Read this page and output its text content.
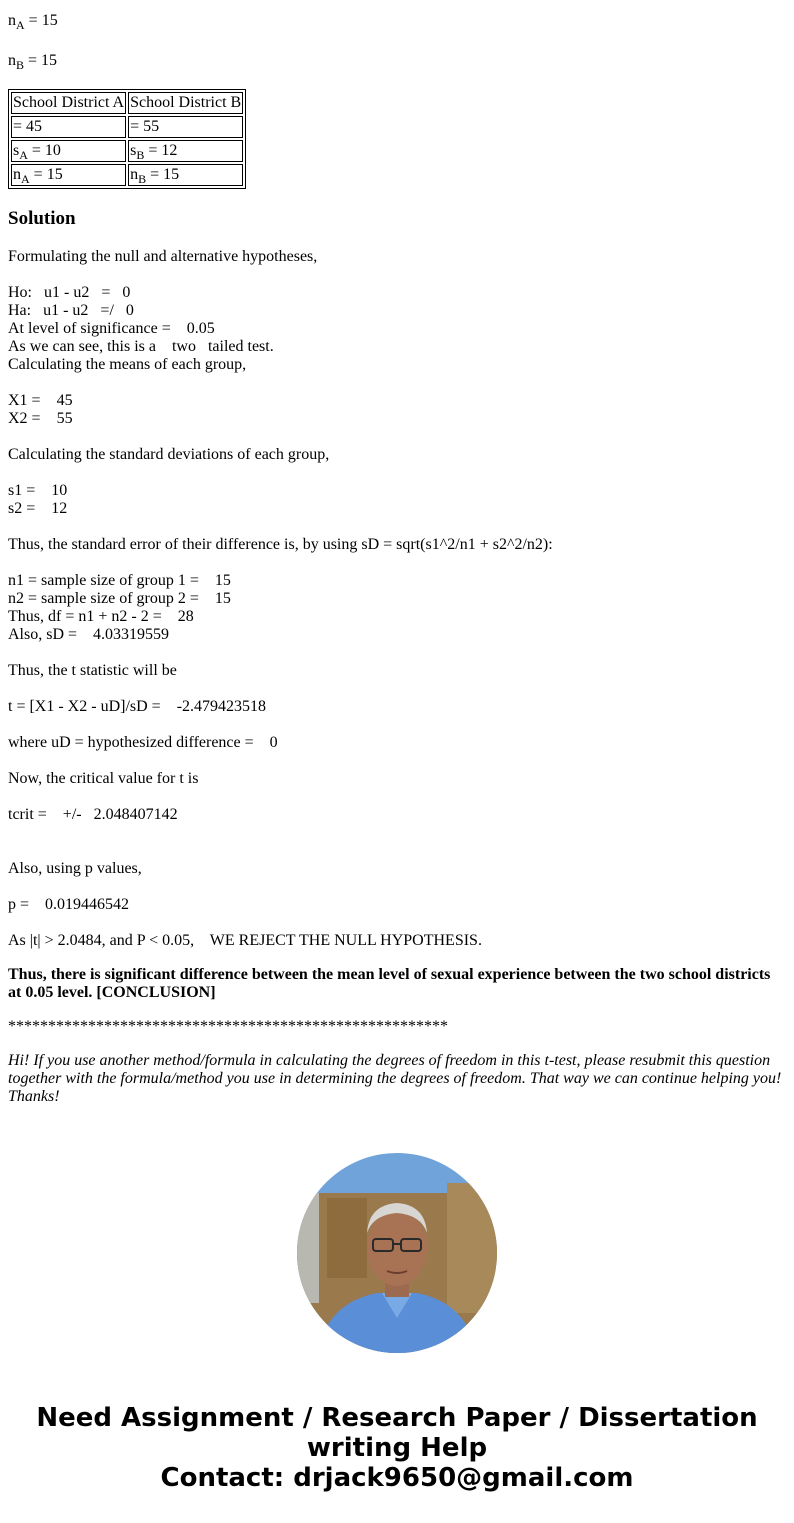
$n_A = 15$

$n_B = 15$

School District A	School District B
= 45	= 55
$s_A = 10$	$s_B = 12$
$n_A = 15$	$n_B = 15$
Solution
Formulating the null and alternative hypotheses,
Ho:   u1 - u2   =   0
Ha:   u1 - u2   =/   0
At level of significance =    0.05
As we can see, this is a    two   tailed test.
Calculating the means of each group,
X1 =    45
X2 =    55
Calculating the standard deviations of each group,
s1 =    10
s2 =    12
Thus, the standard error of their difference is, by using sD = sqrt(s1^2/n1 + s2^2/n2):
n1 = sample size of group 1 =    15
n2 = sample size of group 2 =    15
Thus, df = n1 + n2 - 2 =    28
Also, sD =    4.03319559
Thus, the t statistic will be
t = [X1 - X2 - uD]/sD =    -2.479423518
where uD = hypothesized difference =    0
Now, the critical value for t is
tcrit =    +/-   2.048407142
Also, using p values,
p =    0.019446542
As |t| > 2.0484, and P < 0.05,    WE REJECT THE NULL HYPOTHESIS.
Thus, there is significant difference between the mean level of sexual experience between the two school districts at 0.05 level. [CONCLUSION]
*******************************************************
Hi! If you use another method/formula in calculating the degrees of freedom in this t-test, please resubmit this question together with the formula/method you use in determining the degrees of freedom. That way we can continue helping you! Thanks!
Need Assignment / Research Paper / Dissertation writing Help
Contact: drjack9650@gmail.com
